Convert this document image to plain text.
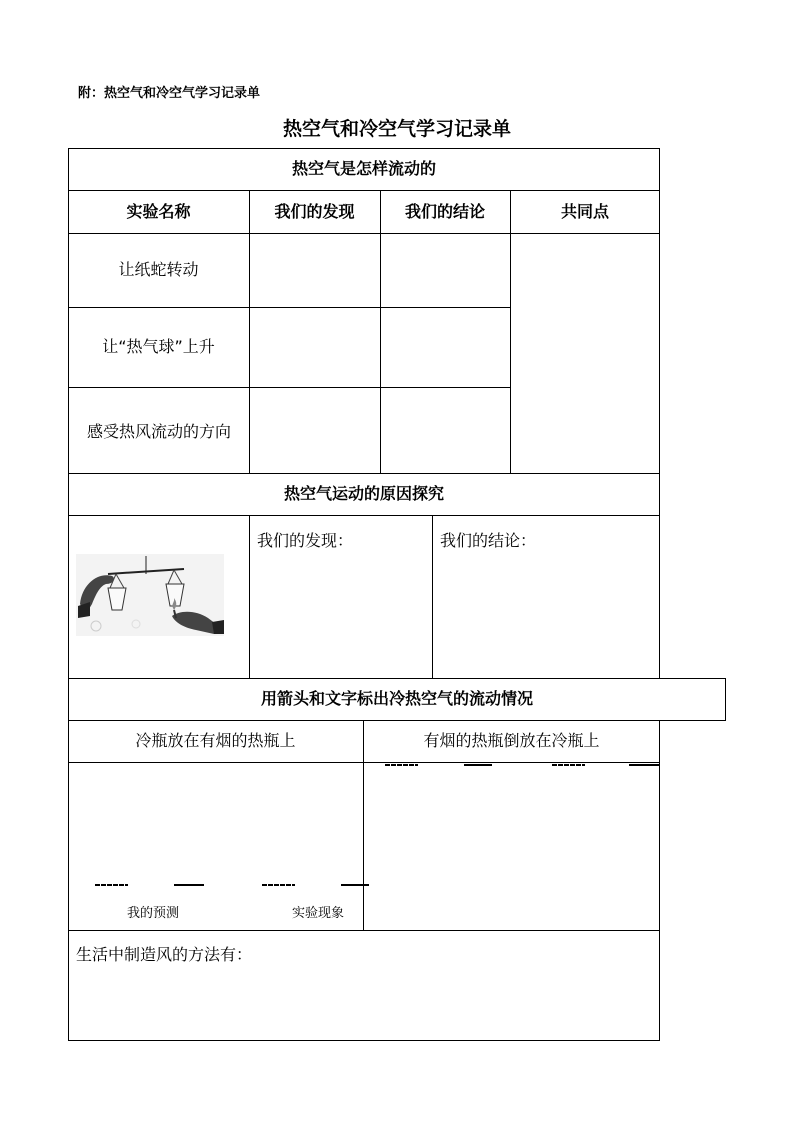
附：热空气和冷空气学习记录单
热空气和冷空气学习记录单
热空气是怎样流动的
实验名称	我们的发现	我们的结论	共同点
让纸蛇转动
让“热气球”上升
感受热风流动的方向
热空气运动的原因探究
我们的发现：	我们的结论：
用箭头和文字标出冷热空气的流动情况
冷瓶放在有烟的热瓶上	有烟的热瓶倒放在冷瓶上
我的预测	实验现象
生活中制造风的方法有：
